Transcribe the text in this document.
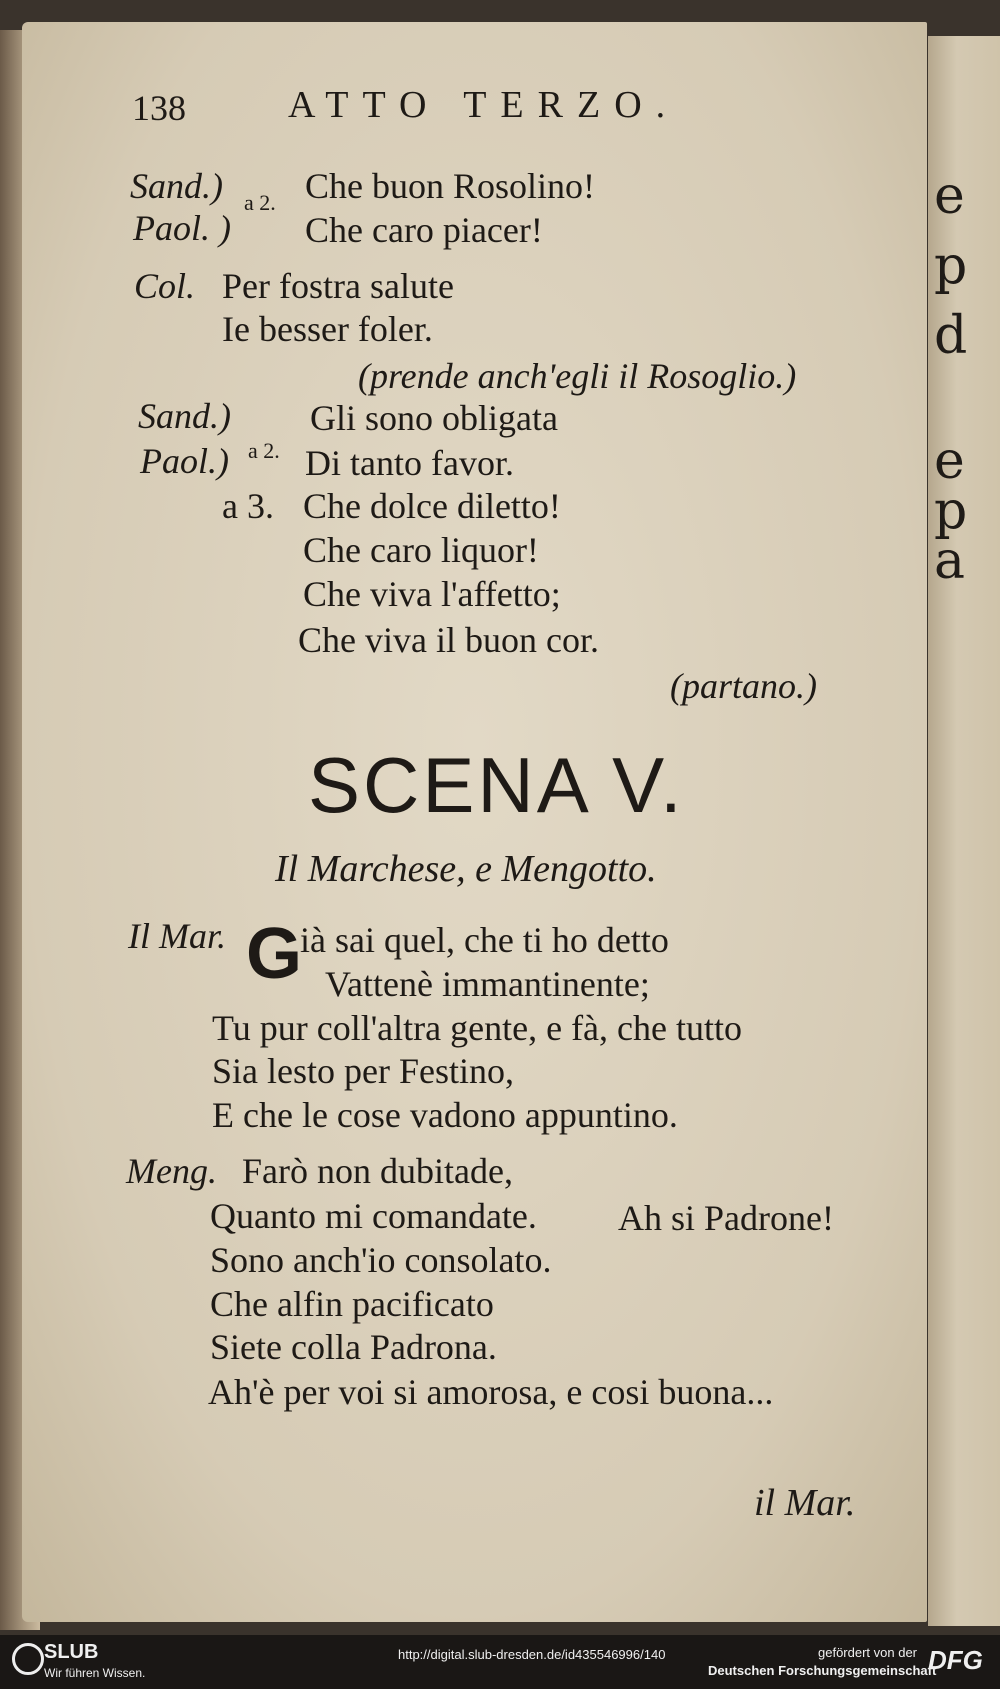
e
p
d
e
p
a
138	ATTO TERZO.
Sand.)
Paol. )
a 2. Che buon Rosolino!
Che caro piacer!
Col. Per fostra salute
Ie besser foler.
(prende anch'egli il Rosoglio.)
Sand.)
Paol.) a 2.
Gli sono obligata
Di tanto favor.
a 3. Che dolce diletto!
Che caro liquor!
Che viva l'affetto;
Che viva il buon cor.
(partano.)
SCENA V.
Il Marchese, e Mengotto.
Il Mar. G
ià sai quel, che ti ho detto
Vattenè immantinente;
Tu pur coll'altra gente, e fà, che tutto
Sia lesto per Festino,
E che le cose vadono appuntino.
Meng. Farò non dubitade,
Quanto mi comandate. Ah si Padrone!
Sono anch'io consolato.
Che alfin pacificato
Siete colla Padrona.
Ah'è per voi si amorosa, e cosi buona...
il Mar.
SLUB
Wir führen Wissen.
http://digital.slub-dresden.de/id435546996/140	gefördert von der
Deutschen Forschungsgemeinschaft
DFG
